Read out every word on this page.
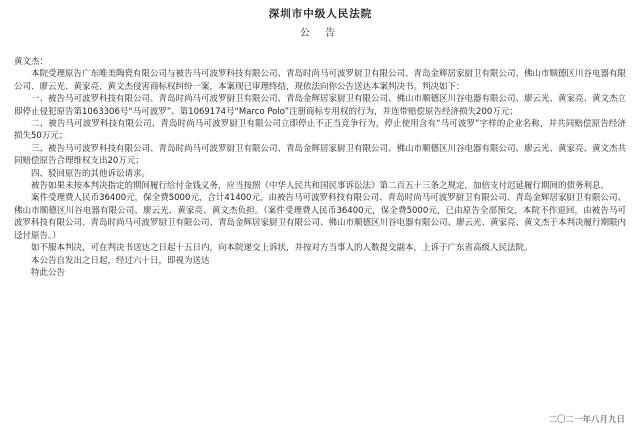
深圳市中级人民法院
公 告

黄文杰：

本院受理原告广东唯美陶瓷有限公司与被告马可波罗科技有限公司、青岛时尚马可波罗厨卫有限公司、青岛金辉居家厨卫有限公司、佛山市顺德区川谷电器有限公司、廖云光、黄家亮、黄文杰侵害商标权纠纷一案，本案现已审理终结，现依法向你公告送达本案判决书。判决如下：

一、被告马可波罗科技有限公司、青岛时尚马可波罗厨卫有限公司、青岛金辉居家厨卫有限公司、佛山市顺德区川谷电器有限公司、廖云光、黄家亮、黄文杰立即停止侵犯原告第1063306号“马可波罗”、第1069174号“Marco Polo”注册商标专用权的行为，并连带赔偿原告经济损失200万元；

二、被告马可波罗科技有限公司、青岛时尚马可波罗厨卫有限公司立即停止不正当竞争行为，停止使用含有“马可波罗”字样的企业名称，并共同赔偿原告经济损失50万元；

三、被告马可波罗科技有限公司、青岛时尚马可波罗厨卫有限公司、青岛金辉居家厨卫有限公司、佛山市顺德区川谷电器有限公司、廖云光、黄家亮、黄文杰共同赔偿原告合理维权支出20万元；

四、驳回原告的其他诉讼请求。

被告如果未按本判决指定的期间履行给付金钱义务，应当按照《中华人民共和国民事诉讼法》第二百五十三条之规定，加倍支付迟延履行期间的债务利息。

案件受理费人民币36400元，保全费5000元，合计41400元，由被告马可波罗科技有限公司、青岛时尚马可波罗厨卫有限公司、青岛金辉居家厨卫有限公司、佛山市顺德区川谷电器有限公司、廖云光、黄家亮、黄文杰负担。（案件受理费人民币36400元，保全费5000元，已由原告全部预交，本院不作退回，由被告马可波罗科技有限公司、青岛时尚马可波罗厨卫有限公司、青岛金辉居家厨卫有限公司、佛山市顺德区川谷电器有限公司、廖云光、黄家亮、黄文杰于本判决履行期限内迳付原告。）

如不服本判决，可在判决书送达之日起十五日内，向本院递交上诉状，并按对方当事人的人数提交副本，上诉于广东省高级人民法院。

本公告自发出之日起，经过六十日，即视为送达

特此公告

二〇二一年八月九日
